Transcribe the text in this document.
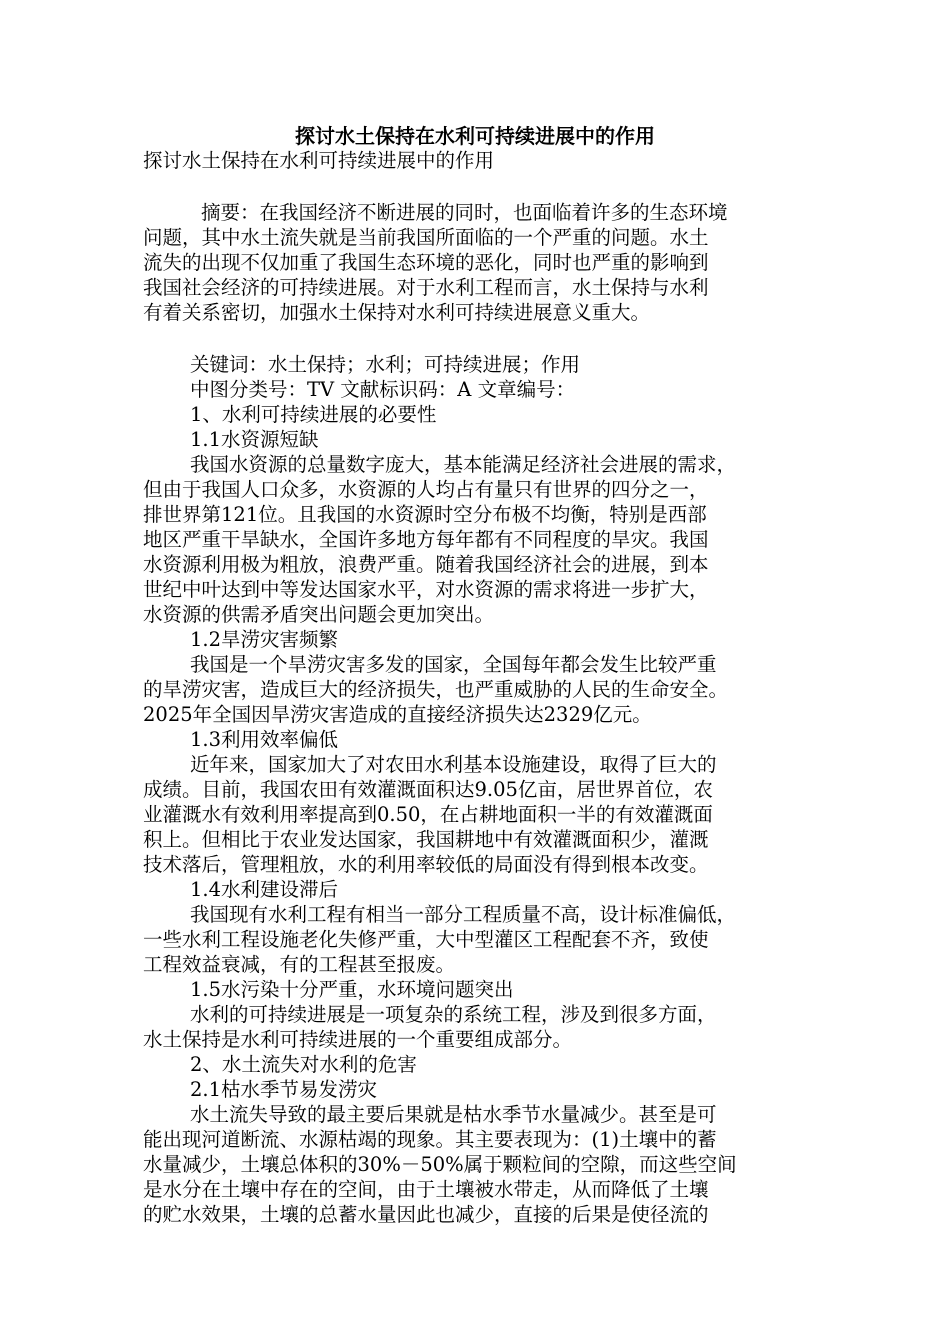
探讨水土保持在水利可持续进展中的作用
探讨水土保持在水利可持续进展中的作用
摘要：在我国经济不断进展的同时，也面临着许多的生态环境
问题，其中水土流失就是当前我国所面临的一个严重的问题。水土
流失的出现不仅加重了我国生态环境的恶化，同时也严重的影响到
我国社会经济的可持续进展。对于水利工程而言，水土保持与水利
有着关系密切，加强水土保持对水利可持续进展意义重大。
关键词：水土保持；水利；可持续进展；作用
中图分类号：TV 文献标识码：A 文章编号：
1、水利可持续进展的必要性
1.1水资源短缺
我国水资源的总量数字庞大，基本能满足经济社会进展的需求，
但由于我国人口众多，水资源的人均占有量只有世界的四分之一，
排世界第121位。且我国的水资源时空分布极不均衡，特别是西部
地区严重干旱缺水，全国许多地方每年都有不同程度的旱灾。我国
水资源利用极为粗放，浪费严重。随着我国经济社会的进展，到本
世纪中叶达到中等发达国家水平，对水资源的需求将进一步扩大，
水资源的供需矛盾突出问题会更加突出。
1.2旱涝灾害频繁
我国是一个旱涝灾害多发的国家，全国每年都会发生比较严重
的旱涝灾害，造成巨大的经济损失，也严重威胁的人民的生命安全。
2025年全国因旱涝灾害造成的直接经济损失达2329亿元。
1.3利用效率偏低
近年来，国家加大了对农田水利基本设施建设，取得了巨大的
成绩。目前，我国农田有效灌溉面积达9.05亿亩，居世界首位，农
业灌溉水有效利用率提高到0.50，在占耕地面积一半的有效灌溉面
积上。但相比于农业发达国家，我国耕地中有效灌溉面积少，灌溉
技术落后，管理粗放，水的利用率较低的局面没有得到根本改变。
1.4水利建设滞后
我国现有水利工程有相当一部分工程质量不高，设计标准偏低，
一些水利工程设施老化失修严重，大中型灌区工程配套不齐，致使
工程效益衰减，有的工程甚至报废。
1.5水污染十分严重，水环境问题突出
水利的可持续进展是一项复杂的系统工程，涉及到很多方面，
水土保持是水利可持续进展的一个重要组成部分。
2、水土流失对水利的危害
2.1枯水季节易发涝灾
水土流失导致的最主要后果就是枯水季节水量减少。甚至是可
能出现河道断流、水源枯竭的现象。其主要表现为：(1)土壤中的蓄
水量减少，土壤总体积的30%－50%属于颗粒间的空隙，而这些空间
是水分在土壤中存在的空间，由于土壤被水带走，从而降低了土壤
的贮水效果，土壤的总蓄水量因此也减少，直接的后果是使径流的
